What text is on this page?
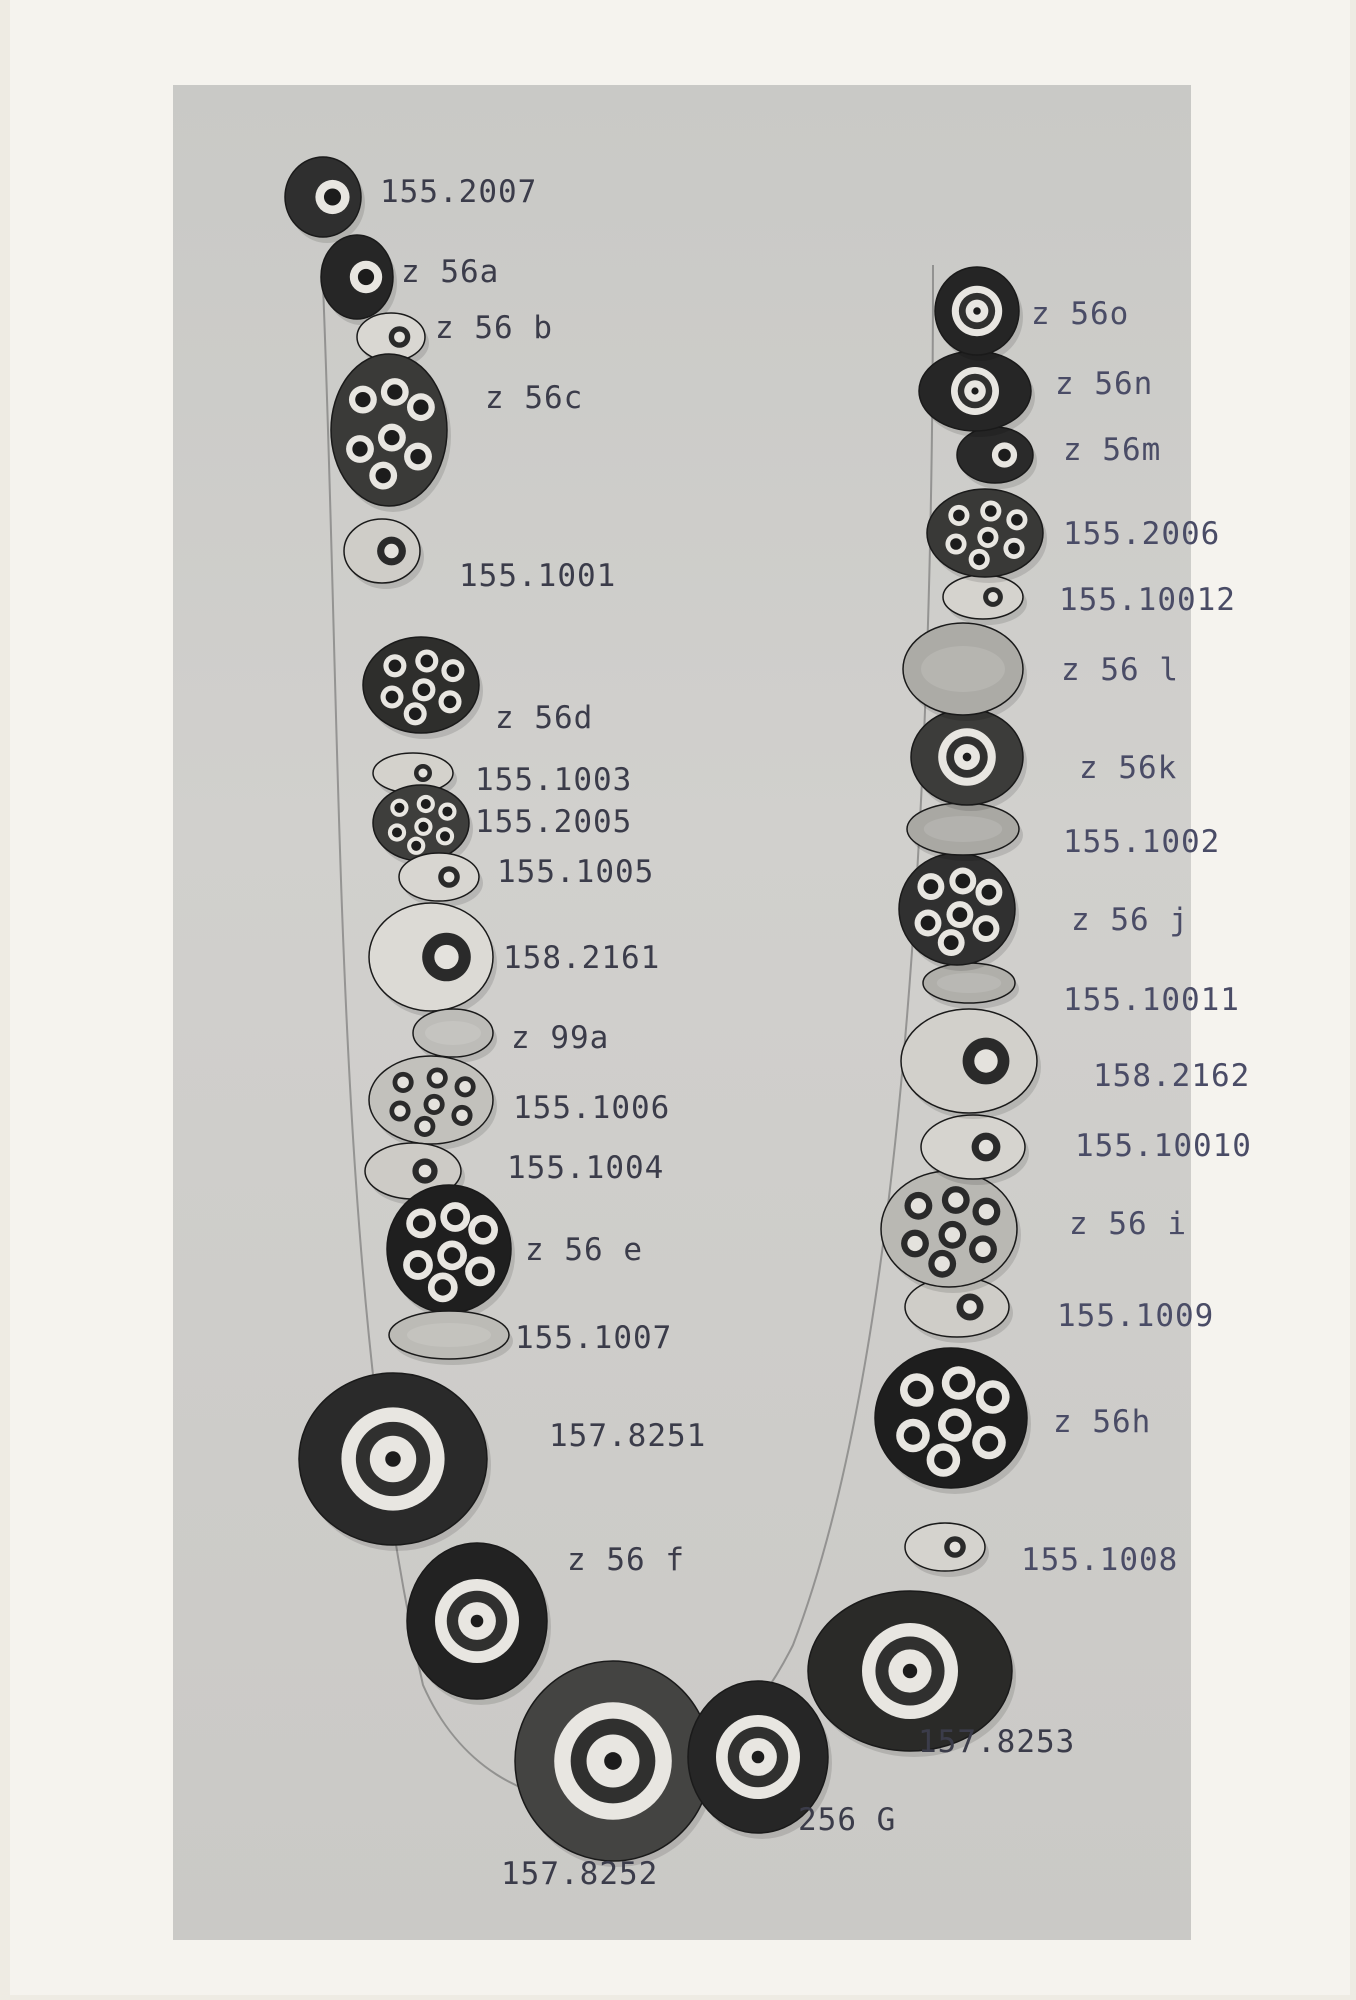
155.2007
z 56a
z 56 b
z 56c
155.1001
z 56d
155.1003
155.2005
155.1005
158.2161
z 99a
155.1006
155.1004
z 56 e
155.1007
157.8251
z 56 f
157.8252
256 G
157.8253
155.1008
z 56h
155.1009
z 56 i
155.10010
158.2162
155.10011
z 56 j
155.1002
z 56k
z 56 l
155.10012
155.2006
z 56m
z 56n
z 56o
